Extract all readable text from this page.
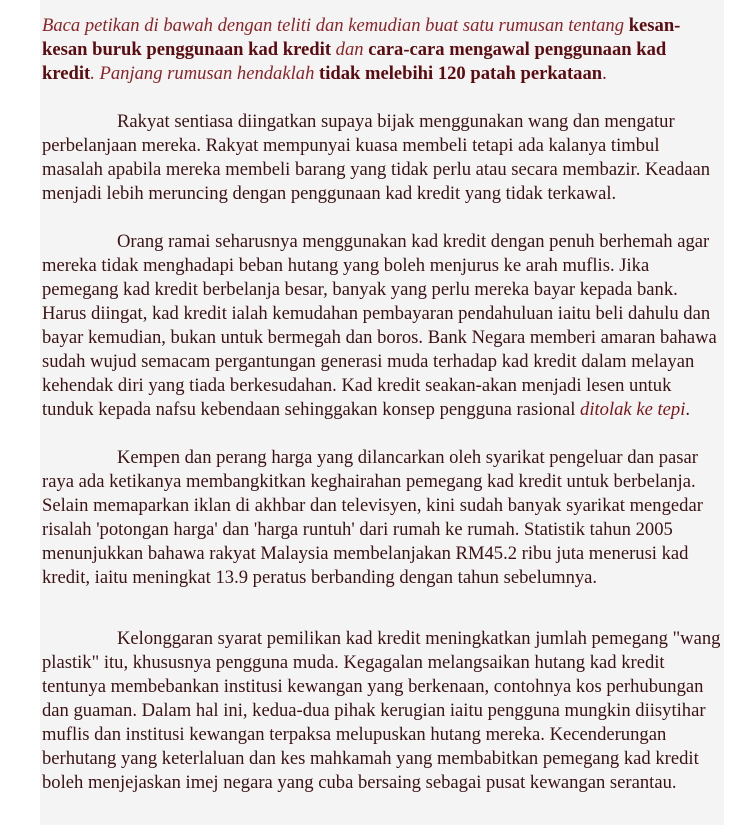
Baca petikan di bawah dengan teliti dan kemudian buat satu rumusan tentang kesan-kesan buruk penggunaan kad kredit dan cara-cara mengawal penggunaan kad kredit. Panjang rumusan hendaklah tidak melebihi 120 patah perkataan.

Rakyat sentiasa diingatkan supaya bijak menggunakan wang dan mengatur perbelanjaan mereka. Rakyat mempunyai kuasa membeli tetapi ada kalanya timbul masalah apabila mereka membeli barang yang tidak perlu atau secara membazir. Keadaan menjadi lebih meruncing dengan penggunaan kad kredit yang tidak terkawal.

Orang ramai seharusnya menggunakan kad kredit dengan penuh berhemah agar mereka tidak menghadapi beban hutang yang boleh menjurus ke arah muflis. Jika pemegang kad kredit berbelanja besar, banyak yang perlu mereka bayar kepada bank. Harus diingat, kad kredit ialah kemudahan pembayaran pendahuluan iaitu beli dahulu dan bayar kemudian, bukan untuk bermegah dan boros. Bank Negara memberi amaran bahawa sudah wujud semacam pergantungan generasi muda terhadap kad kredit dalam melayan kehendak diri yang tiada berkesudahan. Kad kredit seakan-akan menjadi lesen untuk tunduk kepada nafsu kebendaan sehinggakan konsep pengguna rasional ditolak ke tepi.

Kempen dan perang harga yang dilancarkan oleh syarikat pengeluar dan pasar raya ada ketikanya membangkitkan keghairahan pemegang kad kredit untuk berbelanja. Selain memaparkan iklan di akhbar dan televisyen, kini sudah banyak syarikat mengedar risalah 'potongan harga' dan 'harga runtuh' dari rumah ke rumah. Statistik tahun 2005 menunjukkan bahawa rakyat Malaysia membelanjakan RM45.2 ribu juta menerusi kad kredit, iaitu meningkat 13.9 peratus berbanding dengan tahun sebelumnya.

Kelonggaran syarat pemilikan kad kredit meningkatkan jumlah pemegang "wang plastik" itu, khususnya pengguna muda. Kegagalan melangsaikan hutang kad kredit tentunya membebankan institusi kewangan yang berkenaan, contohnya kos perhubungan dan guaman. Dalam hal ini, kedua-dua pihak kerugian iaitu pengguna mungkin diisytihar muflis dan institusi kewangan terpaksa melupuskan hutang mereka. Kecenderungan berhutang yang keterlaluan dan kes mahkamah yang membabitkan pemegang kad kredit boleh menjejaskan imej negara yang cuba bersaing sebagai pusat kewangan serantau.
